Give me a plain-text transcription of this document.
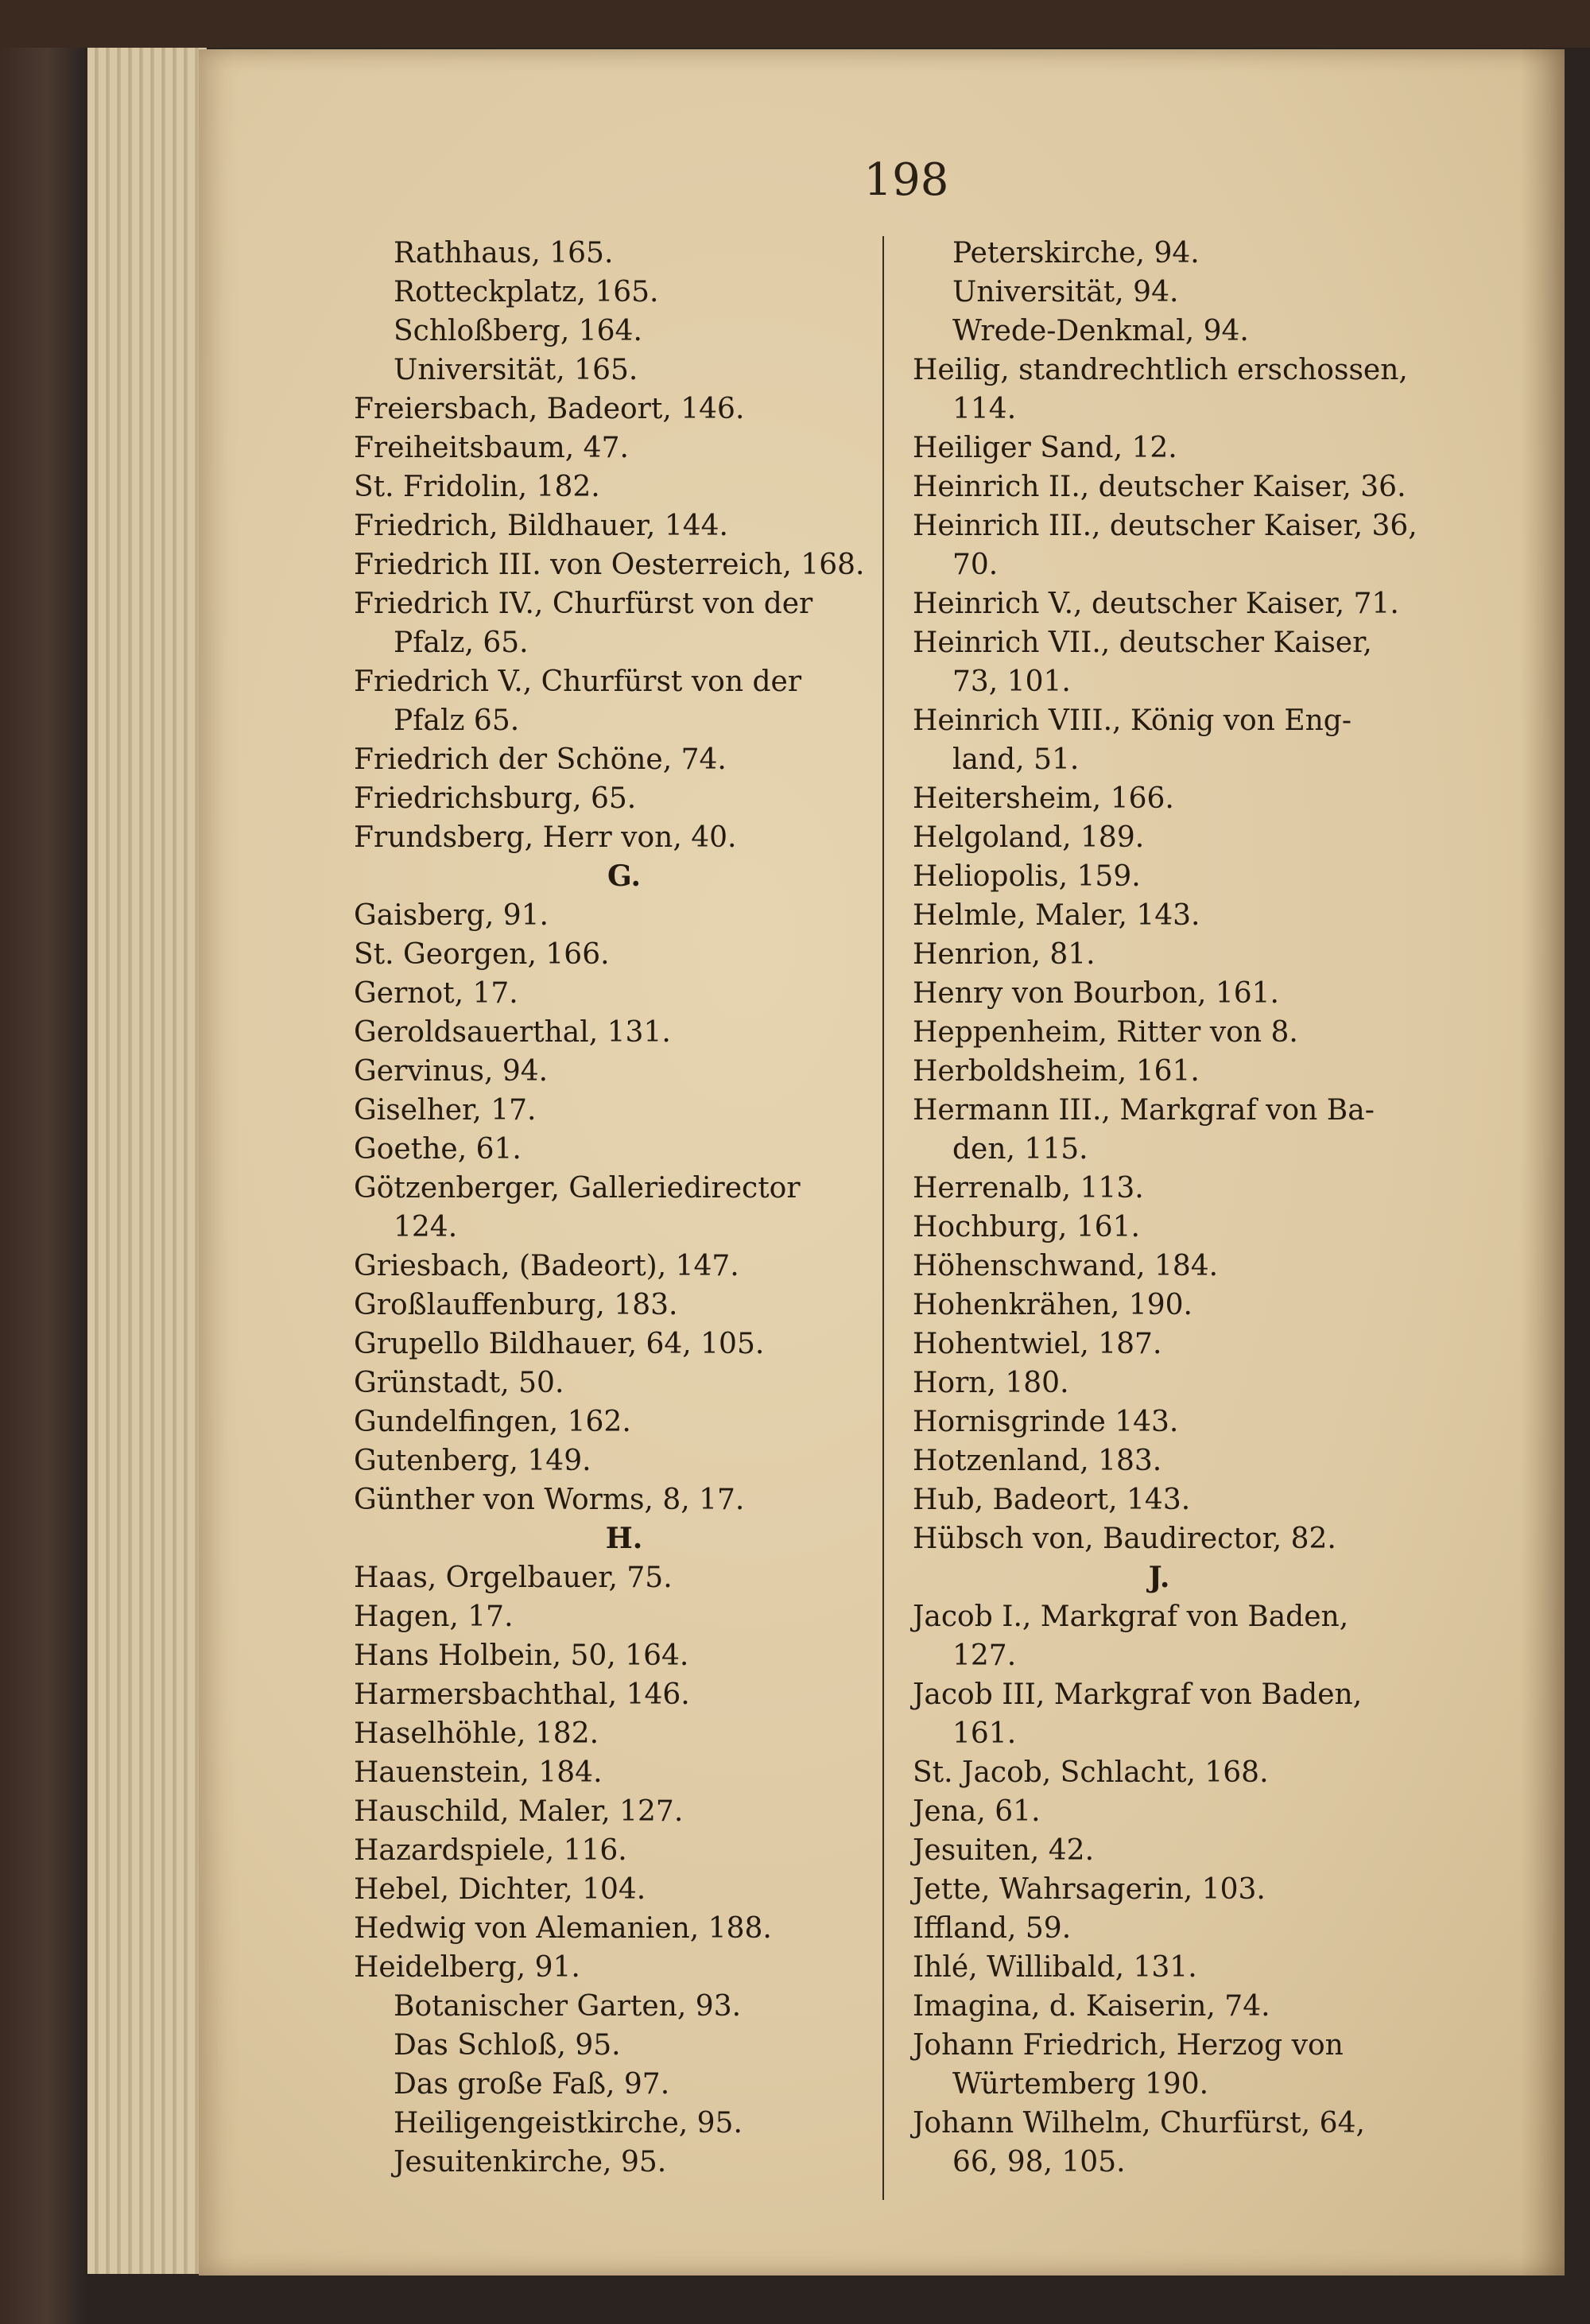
198
Rathhaus, 165.
Rotteckplatz, 165.
Schloßberg, 164.
Universität, 165.
Freiersbach, Badeort, 146.
Freiheitsbaum, 47.
St. Fridolin, 182.
Friedrich, Bildhauer, 144.
Friedrich III. von Oesterreich, 168.
Friedrich IV., Churfürst von der
Pfalz, 65.
Friedrich V., Churfürst von der
Pfalz 65.
Friedrich der Schöne, 74.
Friedrichsburg, 65.
Frundsberg, Herr von, 40.
G.
Gaisberg, 91.
St. Georgen, 166.
Gernot, 17.
Geroldsauerthal, 131.
Gervinus, 94.
Giselher, 17.
Goethe, 61.
Götzenberger, Galleriedirector
124.
Griesbach, (Badeort), 147.
Großlauffenburg, 183.
Grupello Bildhauer, 64, 105.
Grünstadt, 50.
Gundelfingen, 162.
Gutenberg, 149.
Günther von Worms, 8, 17.
H.
Haas, Orgelbauer, 75.
Hagen, 17.
Hans Holbein, 50, 164.
Harmersbachthal, 146.
Haselhöhle, 182.
Hauenstein, 184.
Hauschild, Maler, 127.
Hazardspiele, 116.
Hebel, Dichter, 104.
Hedwig von Alemanien, 188.
Heidelberg, 91.
Botanischer Garten, 93.
Das Schloß, 95.
Das große Faß, 97.
Heiligengeistkirche, 95.
Jesuitenkirche, 95.
Peterskirche, 94.
Universität, 94.
Wrede-Denkmal, 94.
Heilig, standrechtlich erschossen,
114.
Heiliger Sand, 12.
Heinrich II., deutscher Kaiser, 36.
Heinrich III., deutscher Kaiser, 36,
70.
Heinrich V., deutscher Kaiser, 71.
Heinrich VII., deutscher Kaiser,
73, 101.
Heinrich VIII., König von Eng-
land, 51.
Heitersheim, 166.
Helgoland, 189.
Heliopolis, 159.
Helmle, Maler, 143.
Henrion, 81.
Henry von Bourbon, 161.
Heppenheim, Ritter von 8.
Herboldsheim, 161.
Hermann III., Markgraf von Ba-
den, 115.
Herrenalb, 113.
Hochburg, 161.
Höhenschwand, 184.
Hohenkrähen, 190.
Hohentwiel, 187.
Horn, 180.
Hornisgrinde 143.
Hotzenland, 183.
Hub, Badeort, 143.
Hübsch von, Baudirector, 82.
J.
Jacob I., Markgraf von Baden,
127.
Jacob III, Markgraf von Baden,
161.
St. Jacob, Schlacht, 168.
Jena, 61.
Jesuiten, 42.
Jette, Wahrsagerin, 103.
Iffland, 59.
Ihlé, Willibald, 131.
Imagina, d. Kaiserin, 74.
Johann Friedrich, Herzog von
Würtemberg 190.
Johann Wilhelm, Churfürst, 64,
66, 98, 105.
